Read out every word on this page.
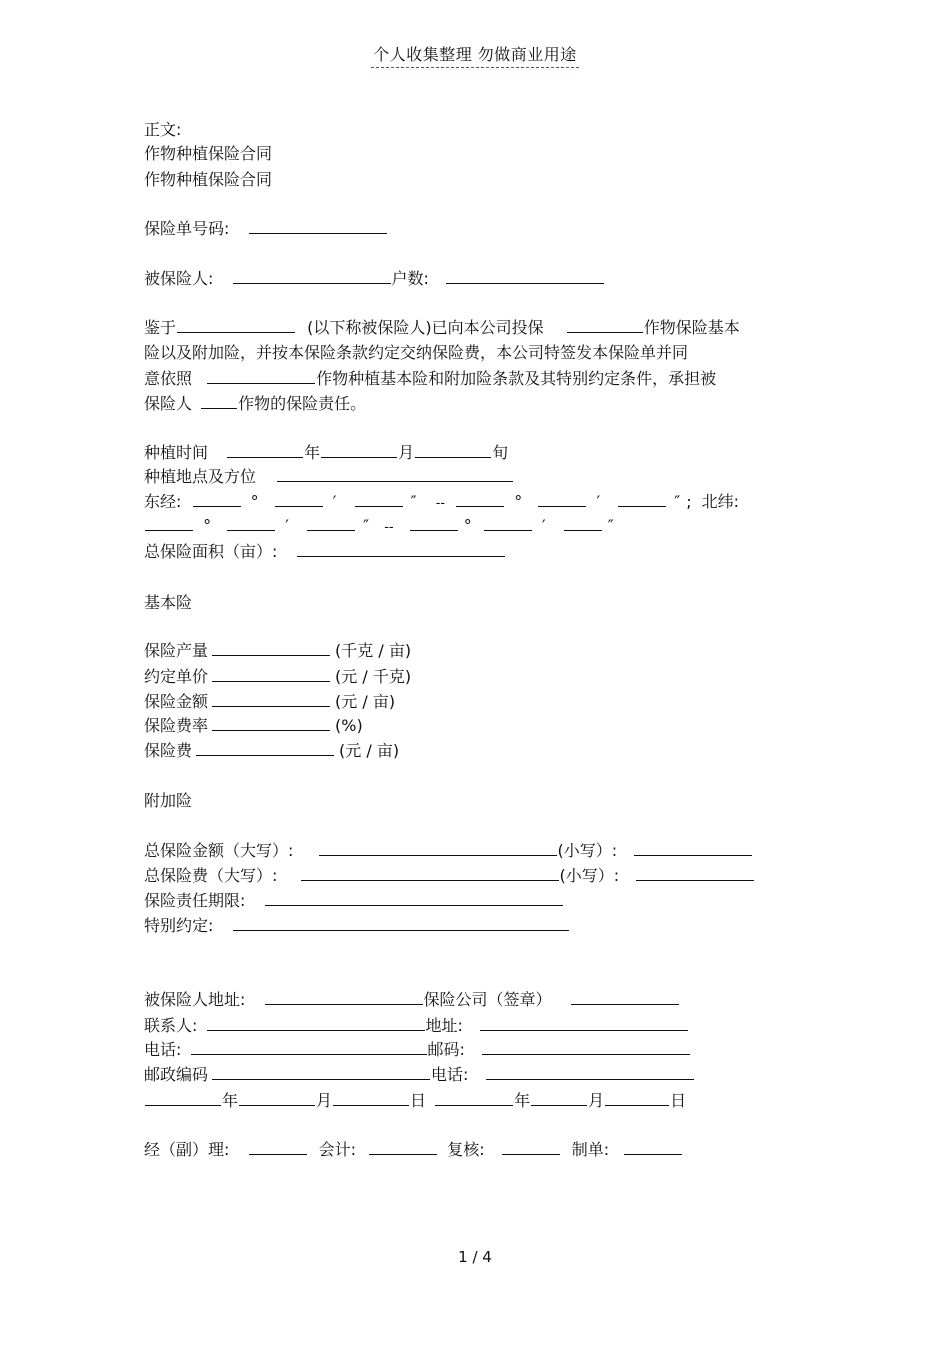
个人收集整理 勿做商业用途
正文:
作物种植保险合同
作物种植保险合同
保险单号码:
被保险人:	户数:
鉴于	(以下称被保险人)已向本公司投保	作物保险基本
险以及附加险，并按本保险条款约定交纳保险费，本公司特签发本保险单并同
意依照	作物种植基本险和附加险条款及其特别约定条件，承担被
保险人	作物的保险责任。
种植时间	年	月	旬
种植地点及方位
东经:	°	′	″ --	°	′	″ ; 北纬:
°	′	″ --	°	′	″
总保险面积（亩）:
基本险
保险产量	(千克 / 亩)
约定单价	(元 / 千克)
保险金额	(元 / 亩)
保险费率	(%)
保险费	(元 / 亩)
附加险
总保险金额（大写）:	(小写）:
总保险费（大写）:	(小写）:
保险责任期限:
特别约定:
被保险人地址:	保险公司（签章）
联系人:	地址:
电话:	邮码:
邮政编码	电话:
年	月	日	年	月	日
经（副）理:	会计:	复核:	制单:
1 / 4
